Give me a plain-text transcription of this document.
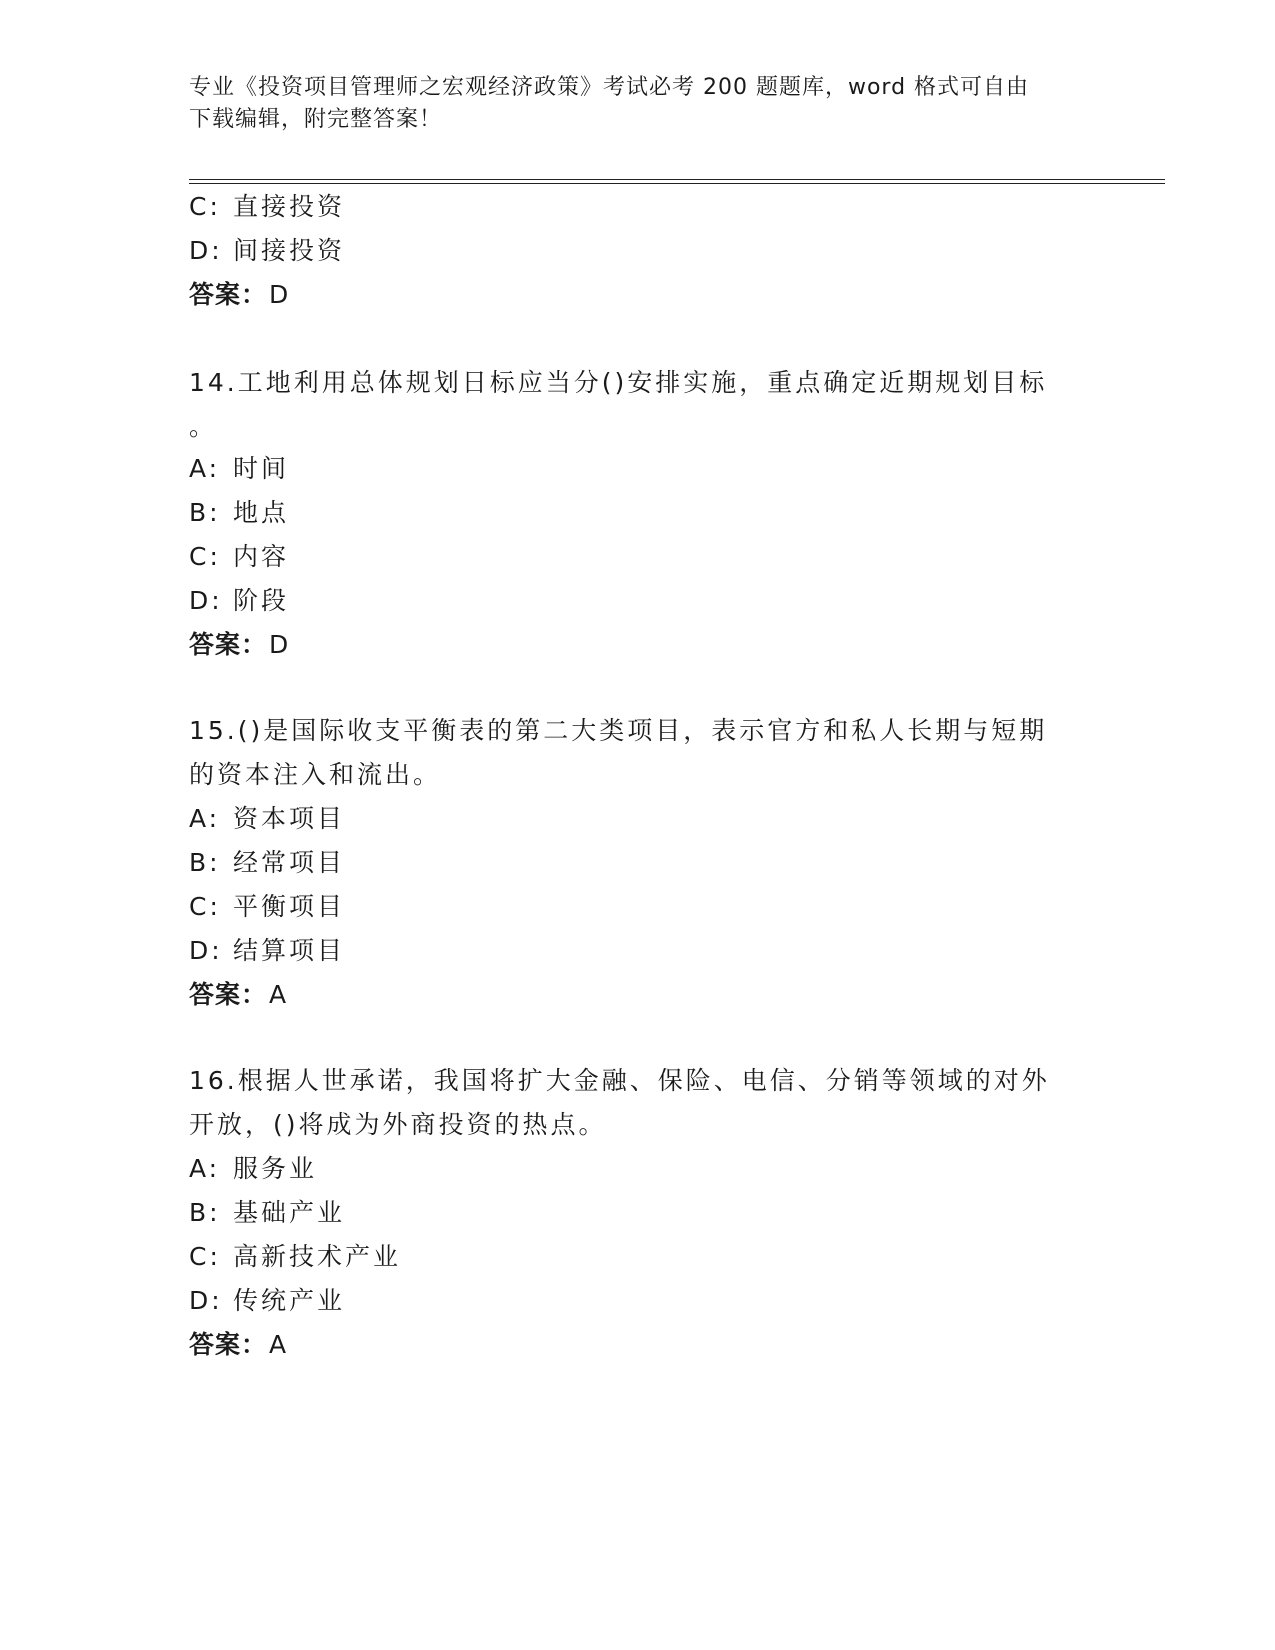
专业《投资项目管理师之宏观经济政策》考试必考 200 题题库，word 格式可自由
下载编辑，附完整答案！
C: 直接投资
D: 间接投资
答案：D
14.工地利用总体规划日标应当分()安排实施，重点确定近期规划目标
。
A: 时间
B: 地点
C: 内容
D: 阶段
答案：D
15.()是国际收支平衡表的第二大类项目，表示官方和私人长期与短期
的资本注入和流出。
A: 资本项目
B: 经常项目
C: 平衡项目
D: 结算项目
答案：A
16.根据人世承诺，我国将扩大金融、保险、电信、分销等领域的对外
开放，()将成为外商投资的热点。
A: 服务业
B: 基础产业
C: 高新技术产业
D: 传统产业
答案：A
